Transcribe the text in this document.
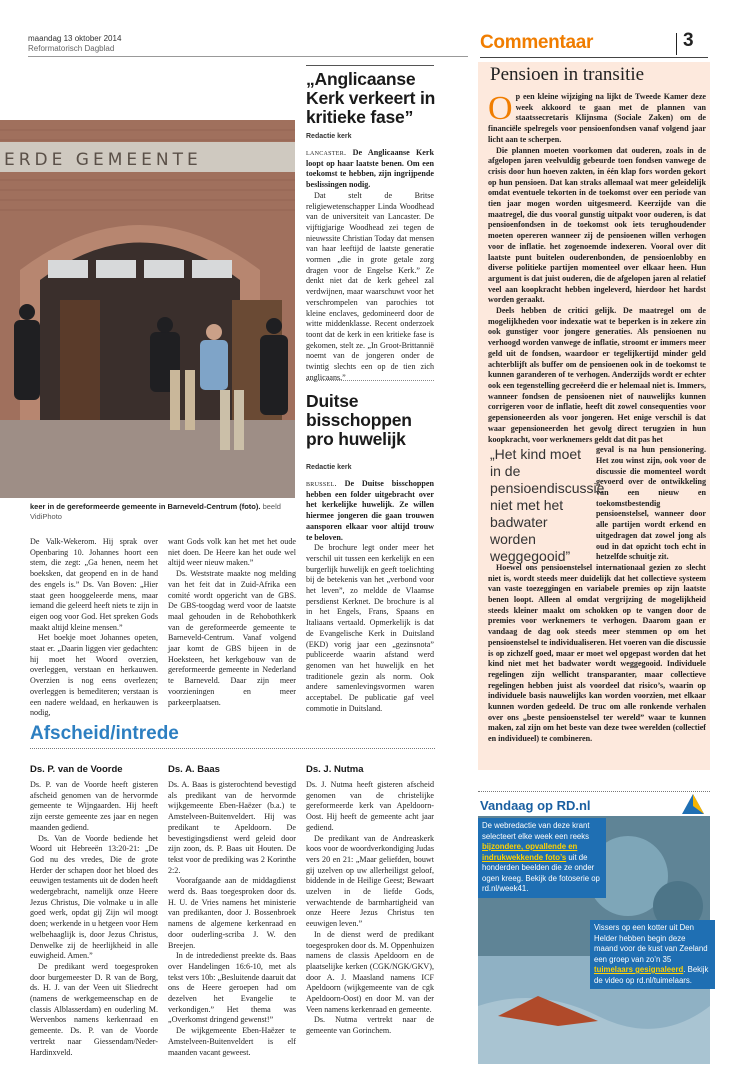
maandag 13 oktober 2014
Reformatorisch Dagblad	Commentaar	3
ERDE GEMEENTE
keer in de gereformeerde gemeente in Barneveld-Centrum (foto). beeld VidiPhoto

De Valk-Wekerom. Hij sprak over Openbaring 10. Johannes hoort een stem, die zegt: „Ga henen, neem het boeksken, dat geopend en in de hand des engels is.” Ds. Van Boven: „Hier staat geen hooggeleerde mens, maar iemand die geleerd heeft niets te zijn in eigen oog voor God. Het spreken Gods maakt altijd kleine mensen.”

Het boekje moet Johannes opeten, staat er. „Daarin liggen vier gedachten: hij moet het Woord overzien, overleggen, verstaan en herkauwen. Overzien is nog eens overlezen; overleggen is bemediteren; verstaan is een nadere weldaad, en herkauwen is nodig,

want Gods volk kan het met het oude niet doen. De Heere kan het oude wel altijd weer nieuw maken.”

Ds. Weststrate maakte nog melding van het feit dat in Zuid-Afrika een comité wordt opgericht van de GBS. De GBS-toogdag werd voor de laatste maal gehouden in de Rehobothkerk van de gereformeerde gemeente te Barneveld-Centrum. Vanaf volgend jaar komt de GBS bijeen in de Hoeksteen, het kerkgebouw van de gereformeerde gemeente in Nederland te Barneveld. Daar zijn meer voorzieningen en meer parkeerplaatsen.

„Anglicaanse Kerk verkeert in kritieke fase”
Redactie kerk

lancaster. De Anglicaanse Kerk loopt op haar laatste benen. Om een toekomst te hebben, zijn ingrijpende beslissingen nodig.

Dat stelt de Britse religiewetenschapper Linda Woodhead van de universiteit van Lancaster. De vijftigjarige Woodhead zei tegen de nieuwssite Christian Today dat mensen van haar leeftijd de laatste generatie vormen „die in grote getale zorg dragen voor de Engelse Kerk.” Ze denkt niet dat de kerk geheel zal verdwijnen, maar waarschuwt voor het verschrompelen van parochies tot kleine enclaves, gedomineerd door de witte middenklasse. Recent onderzoek toont dat de kerk in een kritieke fase is gekomen, stelt ze. „In Groot-Brittannië noemt van de jongeren onder de twintig slechts een op de tien zich anglicaans.”

Duitse bisschoppen pro huwelijk
Redactie kerk

brussel. De Duitse bisschoppen hebben een folder uitgebracht over het kerkelijke huwelijk. Ze willen hiermee jongeren die gaan trouwen aansporen elkaar voor altijd trouw te beloven.

De brochure legt onder meer het verschil uit tussen een kerkelijk en een burgerlijk huwelijk en geeft toelichting bij de betekenis van het „verbond voor het leven”, zo meldde de Vlaamse persdienst Kerknet. De brochure is al in het Engels, Frans, Spaans en Italiaans vertaald. Opmerkelijk is dat de Evangelische Kerk in Duitsland (EKD) vorig jaar een „gezinsnota” publiceerde waarin afstand werd genomen van het huwelijk en het traditionele gezin als norm. Ook andere samenlevingsvormen waren acceptabel. De publicatie gaf veel commotie in Duitsland.

Afscheid/intrede
Ds. P. van de Voorde

Ds. P. van de Voorde heeft gisteren afscheid genomen van de hervormde gemeente te Wijngaarden. Hij heeft zijn eerste gemeente zes jaar en negen maanden gediend.

Ds. Van de Voorde bediende het Woord uit Hebreeën 13:20-21: „De God nu des vredes, Die de grote Herder der schapen door het bloed des eeuwigen testaments uit de doden heeft wedergebracht, namelijk onze Heere Jezus Christus, Die volmake u in alle goed werk, opdat gij Zijn wil moogt doen; werkende in u hetgeen voor Hem welbehaaglijk is, door Jezus Christus, Denwelke zij de heerlijkheid in alle euwigheid. Amen.”

De predikant werd toegesproken door burgemeester D. R van de Borg, ds. H. J. van der Veen uit Sliedrecht (namens de werkgemeenschap en de classis Alblasserdam) en ouderling M. Wervenbos namens kerkenraad en gemeente. Ds. P. van de Voorde vertrekt naar Giessendam/Neder-Hardinxveld.

Ds. A. Baas

Ds. A. Baas is gisterochtend bevestigd als predikant van de hervormde wijkgemeente Eben-Haëzer (b.a.) te Amstelveen-Buitenveldert. Hij was predikant te Apeldoorn. De bevestigingsdienst werd geleid door zijn zoon, ds. P. Baas uit Houten. De tekst voor de prediking was 2 Korinthe 2:2.

Voorafgaande aan de middagdienst werd ds. Baas toegesproken door ds. H. U. de Vries namens het ministerie van predikanten, door J. Bossenbroek namens de algemene kerkenraad en door ouderling-scriba J. W. den Breejen.

In de intrededienst preekte ds. Baas over Handelingen 16:6-10, met als tekst vers 10b: „Besluitende daaruit dat ons de Heere geroepen had om dezelven het Evangelie te verkondigen.” Het thema was „Overkomst dringend gewenst!”

De wijkgemeente Eben-Haëzer te Amstelveen-Buitenveldert is elf maanden vacant geweest.

Ds. J. Nutma

Ds. J. Nutma heeft gisteren afscheid genomen van de christelijke gereformeerde kerk van Apeldoorn-Oost. Hij heeft de gemeente acht jaar gediend.

De predikant van de Andreaskerk koos voor de woordverkondiging Judas vers 20 en 21: „Maar geliefden, bouwt gij uzelven op uw allerheiligst geloof, biddende in de Heilige Geest; Bewaart uzelven in de liefde Gods, verwachtende de barmhartigheid van onze Heere Jezus Christus ten eeuwigen leven.”

In de dienst werd de predikant toegesproken door ds. M. Oppenhuizen namens de classis Apeldoorn en de plaatselijke kerken (CGK/NGK/GKV), door A. J. Maasland namens ICF Apeldoorn (wijkgemeente van de cgk Apeldoorn-Oost) en door M. van der Veen namens kerkenraad en gemeente.

Ds. Nutma vertrekt naar de gemeente van Gorinchem.

Pensioen in transitie

Op een kleine wijziging na lijkt de Tweede Kamer deze week akkoord te gaan met de plannen van staatssecretaris Klijnsma (Sociale Zaken) om de financiële spelregels voor pensioenfondsen vanaf volgend jaar licht aan te scherpen.

Die plannen moeten voorkomen dat ouderen, zoals in de afgelopen jaren veelvuldig gebeurde toen fondsen vanwege de crisis door hun hoeven zakten, in één klap fors worden gekort op hun pensioen. Dat kan straks allemaal wat meer geleidelijk omdat eventuele tekorten in de toekomst over een periode van tien jaar mogen worden uitgesmeerd. Keerzijde van die maatregel, die dus vooral gunstig uitpakt voor ouderen, is dat pensioenfondsen in de toekomst ook iets terughoudender moeten opereren wanneer zij de pensioenen willen verhogen voor de inflatie. het zogenoemde indexeren. Vooral over dit laatste punt buitelen ouderenbonden, de pensioenlobby en diverse politieke partijen momenteel over elkaar heen. Hun argument is dat juist ouderen, die de afgelopen jaren al relatief veel aan koopkracht hebben ingeleverd, hierdoor het hardst worden geraakt.

Deels hebben de critici gelijk. De maatregel om de mogelijkheden voor indexatie wat te beperken is in zekere zin ook gunstiger voor jongere generaties. Als pensioenen nu verhoogd worden vanwege de inflatie, stroomt er immers meer geld uit de fondsen, waardoor er tegelijkertijd minder geld achterblijft als buffer om de pensioenen ook in de toekomst te kunnen garanderen of te verhogen. Anderzijds wordt er echter ook een tegenstelling gecreëerd die er helemaal niet is. Immers, wanneer fondsen de pensioenen niet of nauwelijks kunnen corrigeren voor de inflatie, heeft dit zowel consequenties voor gepensioneerden als voor jongeren. Het enige verschil is dat waar gepensioneerden het gevolg direct terugzien in hun koopkracht, voor werknemers geldt dat dit pas het

geval is na hun pensionering. Het zou winst zijn, ook voor de discussie die momenteel wordt gevoerd over de ontwikkeling van een nieuw en toekomstbestendig pensioenstelsel, wanneer door alle partijen wordt erkend en uitgedragen dat zowel jong als oud in dat opzicht toch echt in hetzelfde schuitje zit.

Hoewel ons pensioenstelsel internationaal gezien zo slecht niet is, wordt steeds meer duidelijk dat het collectieve systeem van vaste toezeggingen en variabele premies op zijn laatste benen loopt. Alleen al omdat vergrijzing de mogelijkheid steeds kleiner maakt om schokken op te vangen door de premies voor werknemers te verhogen. Daarom gaan er vandaag de dag ook steeds meer stemmen op om het pensioenstelsel te individualiseren. Het voeren van die discussie is op zichzelf goed, maar er moet wel opgepast worden dat het kind niet met het badwater wordt weggegooid. Individuele regelingen zijn wellicht transparanter, maar collectieve regelingen hebben juist als voordeel dat risico’s, waarin op individuele basis nauwelijks kan worden voorzien, met elkaar kunnen worden gedeeld. De truc om alle ronkende verhalen over ons „beste pensioenstelsel ter wereld” waar te kunnen maken, zal zijn om het beste van deze twee werelden (collectief en individueel) te combineren.

„Het kind moet in de pensioendiscussie niet met het badwater worden weggegooid”
Vandaag op RD.nl
De webredactie van deze krant selecteert elke week een reeks bijzondere, opvallende en indrukwekkende foto’s uit de honderden beelden die ze onder ogen kreeg. Bekijk de fotoserie op rd.nl/week41.
Vissers op een kotter uit Den Helder hebben begin deze maand voor de kust van Zeeland een groep van zo’n 35 tuimelaars gesignaleerd. Bekijk de video op rd.nl/tuimelaars.
